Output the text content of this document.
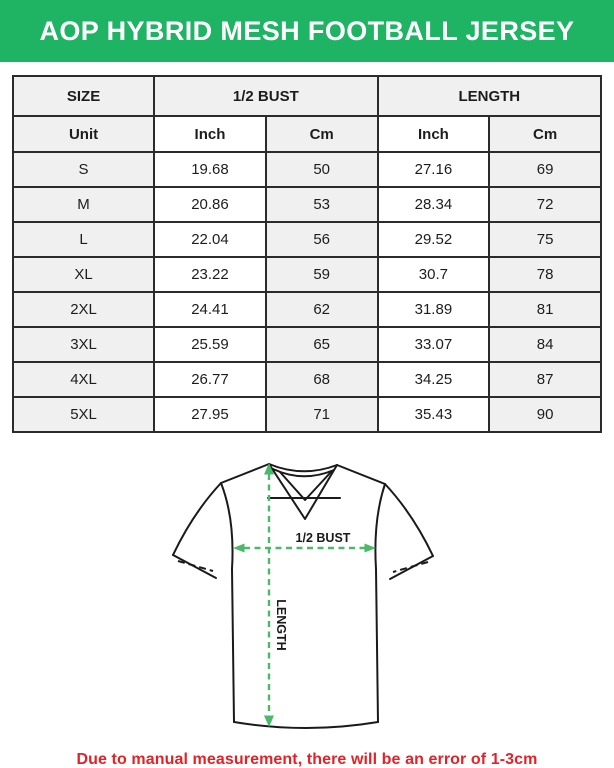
AOP HYBRID MESH FOOTBALL JERSEY
SIZE	1/2 BUST		LENGTH	
Unit	Inch	Cm	Inch	Cm
S	19.68	50	27.16	69
M	20.86	53	28.34	72
L	22.04	56	29.52	75
XL	23.22	59	30.7	78
2XL	24.41	62	31.89	81
3XL	25.59	65	33.07	84
4XL	26.77	68	34.25	87
5XL	27.95	71	35.43	90
1/2 BUST
LENGTH
Due to manual measurement, there will be an error of 1-3cm
